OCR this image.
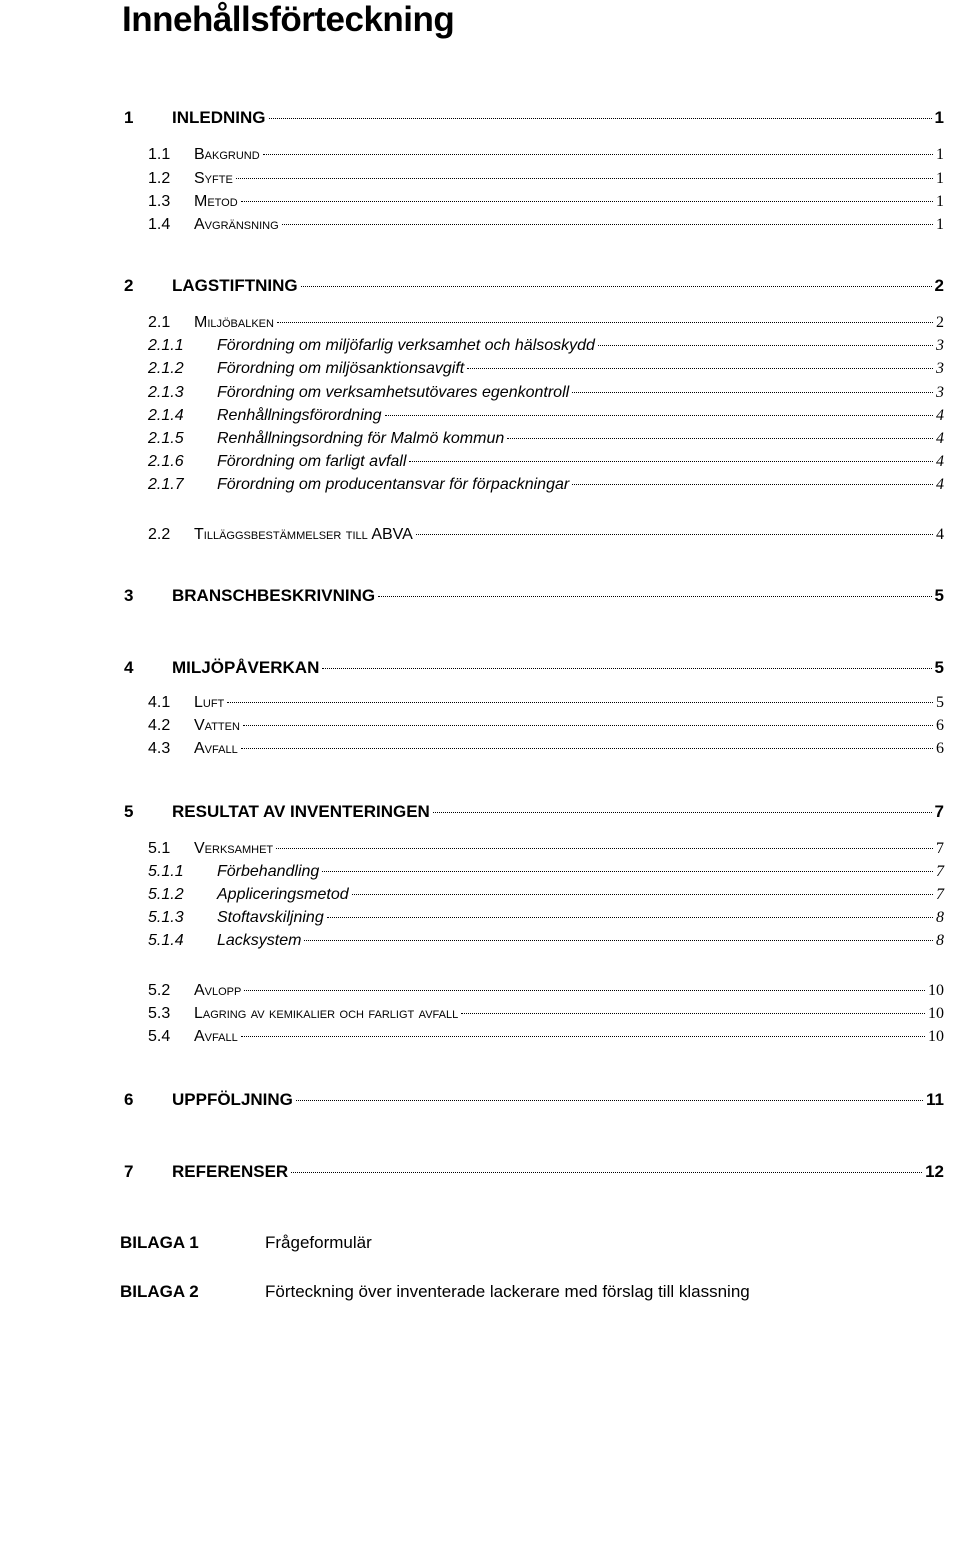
Innehållsförteckning
1	INLEDNING	1
1.1	Bakgrund	1
1.2	Syfte	1
1.3	Metod	1
1.4	Avgränsning	1
2	LAGSTIFTNING	2
2.1	Miljöbalken	2
2.1.1	Förordning om miljöfarlig verksamhet och hälsoskydd	3
2.1.2	Förordning om miljösanktionsavgift	3
2.1.3	Förordning om verksamhetsutövares egenkontroll	3
2.1.4	Renhållningsförordning	4
2.1.5	Renhållningsordning för Malmö kommun	4
2.1.6	Förordning om farligt avfall	4
2.1.7	Förordning om producentansvar för förpackningar	4
2.2	Tilläggsbestämmelser till ABVA	4
3	BRANSCHBESKRIVNING	5
4	MILJÖPÅVERKAN	5
4.1	Luft	5
4.2	Vatten	6
4.3	Avfall	6
5	RESULTAT AV INVENTERINGEN	7
5.1	Verksamhet	7
5.1.1	Förbehandling	7
5.1.2	Appliceringsmetod	7
5.1.3	Stoftavskiljning	8
5.1.4	Lacksystem	8
5.2	Avlopp	10
5.3	Lagring av kemikalier och farligt avfall	10
5.4	Avfall	10
6	UPPFÖLJNING	11
7	REFERENSER	12
BILAGA 1	Frågeformulär
BILAGA 2	Förteckning över inventerade lackerare med förslag till klassning
